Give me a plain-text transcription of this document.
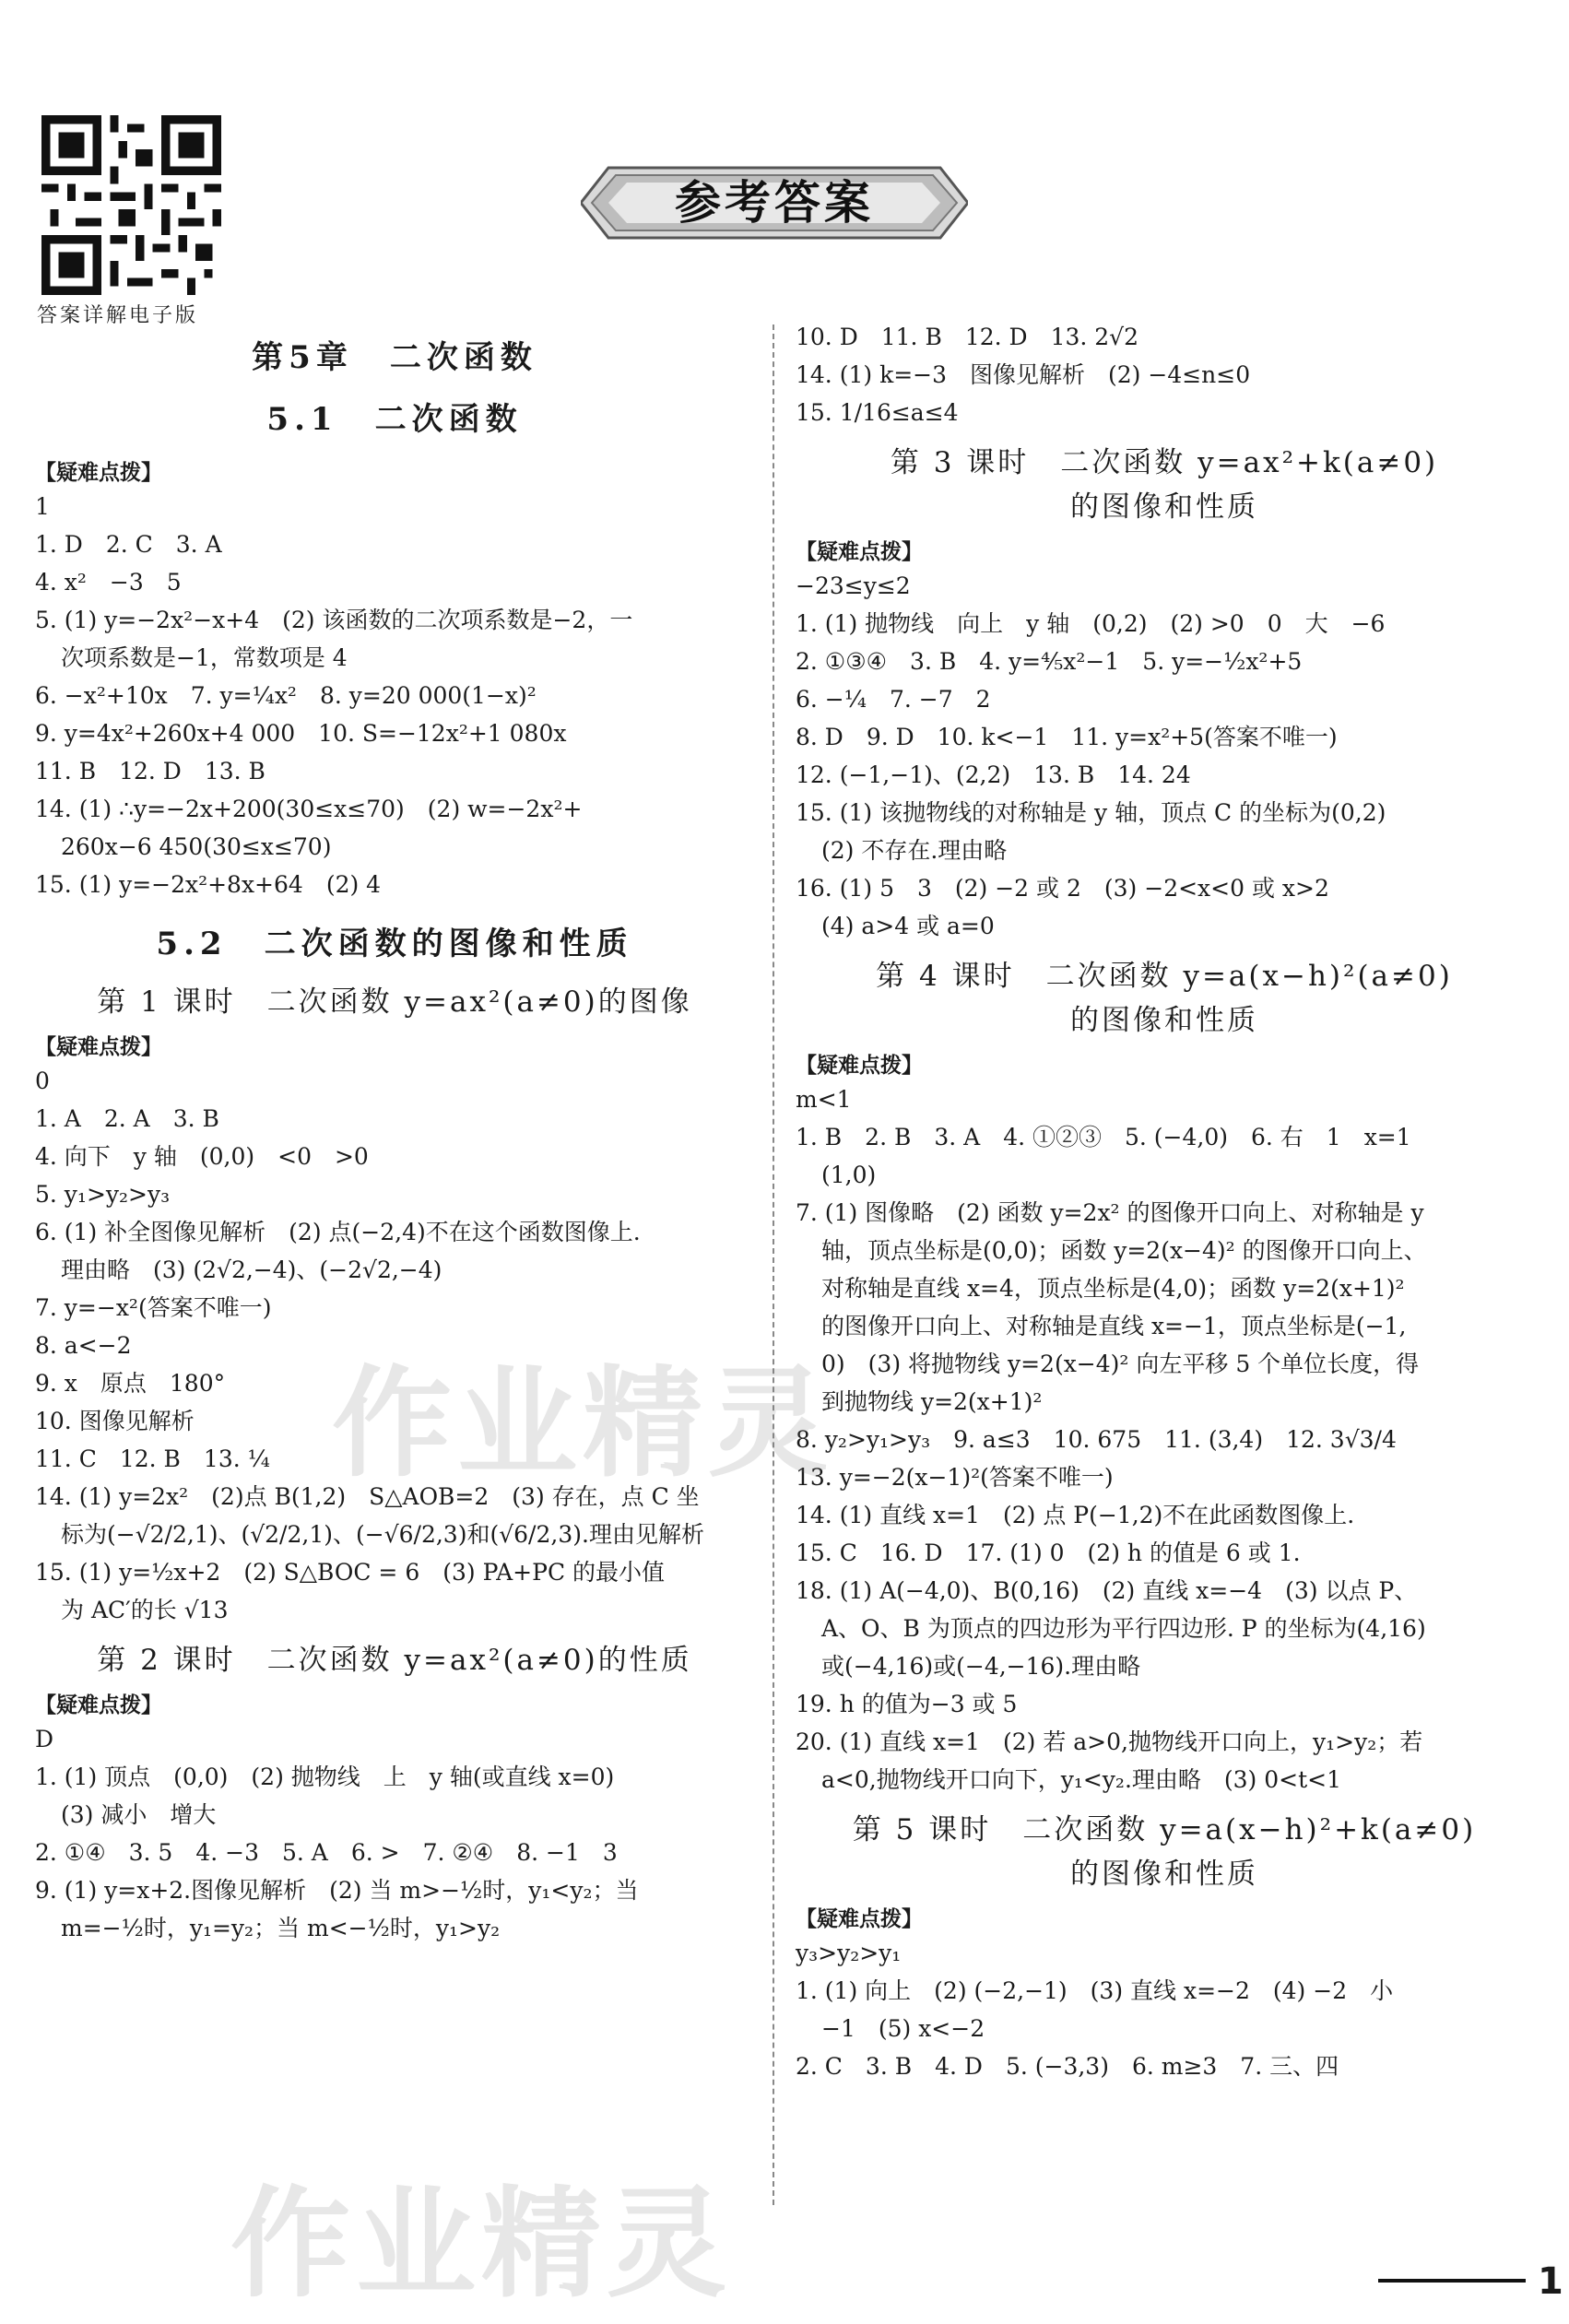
答案详解电子版
参考答案
第5章　二次函数
5.1　二次函数
【疑难点拨】
1
1. D　2. C　3. A
4. x²　−3　5
5. (1) y=−2x²−x+4　(2) 该函数的二次项系数是−2，一
次项系数是−1，常数项是 4
6. −x²+10x　7. y=¼x²　8. y=20 000(1−x)²
9. y=4x²+260x+4 000　10. S=−12x²+1 080x
11. B　12. D　13. B
14. (1) ∴y=−2x+200(30≤x≤70)　(2) w=−2x²+
260x−6 450(30≤x≤70)
15. (1) y=−2x²+8x+64　(2) 4
5.2　二次函数的图像和性质
第 1 课时　二次函数 y=ax²(a≠0)的图像
【疑难点拨】
0
1. A　2. A　3. B
4. 向下　y 轴　(0,0)　<0　>0
5. y₁>y₂>y₃
6. (1) 补全图像见解析　(2) 点(−2,4)不在这个函数图像上.
理由略　(3) (2√2,−4)、(−2√2,−4)
7. y=−x²(答案不唯一)
8. a<−2
9. x　原点　180°
10. 图像见解析
11. C　12. B　13. ¼
14. (1) y=2x²　(2)点 B(1,2)　S△AOB=2　(3) 存在，点 C 坐
标为(−√2/2,1)、(√2/2,1)、(−√6/2,3)和(√6/2,3).理由见解析
15. (1) y=½x+2　(2) S△BOC = 6　(3) PA+PC 的最小值
为 AC′的长 √13
第 2 课时　二次函数 y=ax²(a≠0)的性质
【疑难点拨】
D
1. (1) 顶点　(0,0)　(2) 抛物线　上　y 轴(或直线 x=0)
(3) 减小　增大
2. ①④　3. 5　4. −3　5. A　6. >　7. ②④　8. −1　3
9. (1) y=x+2.图像见解析　(2) 当 m>−½时，y₁<y₂；当
m=−½时，y₁=y₂；当 m<−½时，y₁>y₂
10. D　11. B　12. D　13. 2√2
14. (1) k=−3　图像见解析　(2) −4≤n≤0
15. 1/16≤a≤4
第 3 课时　二次函数 y=ax²+k(a≠0)
的图像和性质
【疑难点拨】
−23≤y≤2
1. (1) 抛物线　向上　y 轴　(0,2)　(2) >0　0　大　−6
2. ①③④　3. B　4. y=⅘x²−1　5. y=−½x²+5
6. −¼　7. −7　2
8. D　9. D　10. k<−1　11. y=x²+5(答案不唯一)
12. (−1,−1)、(2,2)　13. B　14. 24
15. (1) 该抛物线的对称轴是 y 轴，顶点 C 的坐标为(0,2)
(2) 不存在.理由略
16. (1) 5　3　(2) −2 或 2　(3) −2<x<0 或 x>2
(4) a>4 或 a=0
第 4 课时　二次函数 y=a(x−h)²(a≠0)
的图像和性质
【疑难点拨】
m<1
1. B　2. B　3. A　4. ①②③　5. (−4,0)　6. 右　1　x=1
(1,0)
7. (1) 图像略　(2) 函数 y=2x² 的图像开口向上、对称轴是 y
轴，顶点坐标是(0,0)；函数 y=2(x−4)² 的图像开口向上、
对称轴是直线 x=4，顶点坐标是(4,0)；函数 y=2(x+1)²
的图像开口向上、对称轴是直线 x=−1，顶点坐标是(−1,
0)　(3) 将抛物线 y=2(x−4)² 向左平移 5 个单位长度，得
到抛物线 y=2(x+1)²
8. y₂>y₁>y₃　9. a≤3　10. 675　11. (3,4)　12. 3√3/4
13. y=−2(x−1)²(答案不唯一)
14. (1) 直线 x=1　(2) 点 P(−1,2)不在此函数图像上.
15. C　16. D　17. (1) 0　(2) h 的值是 6 或 1.
18. (1) A(−4,0)、B(0,16)　(2) 直线 x=−4　(3) 以点 P、
A、O、B 为顶点的四边形为平行四边形. P 的坐标为(4,16)
或(−4,16)或(−4,−16).理由略
19. h 的值为−3 或 5
20. (1) 直线 x=1　(2) 若 a>0,抛物线开口向上，y₁>y₂；若
a<0,抛物线开口向下，y₁<y₂.理由略　(3) 0<t<1
第 5 课时　二次函数 y=a(x−h)²+k(a≠0)
的图像和性质
【疑难点拨】
y₃>y₂>y₁
1. (1) 向上　(2) (−2,−1)　(3) 直线 x=−2　(4) −2　小
−1　(5) x<−2
2. C　3. B　4. D　5. (−3,3)　6. m≥3　7. 三、四
作业精灵
作业精灵	1
